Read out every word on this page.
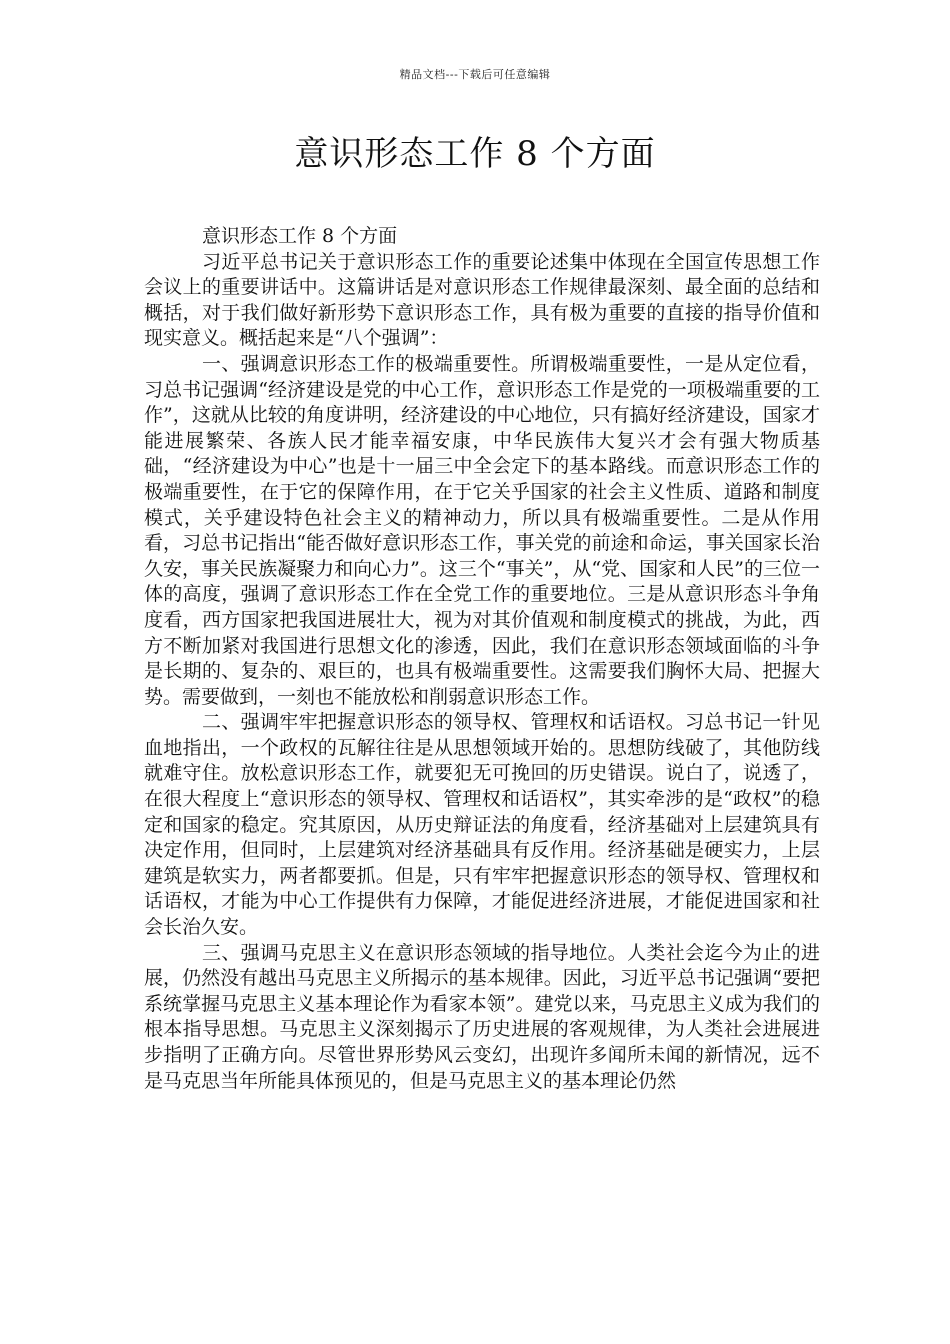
精品文档---下载后可任意编辑
意识形态工作 8 个方面

意识形态工作 8 个方面

习近平总书记关于意识形态工作的重要论述集中体现在全国宣传思想工作会议上的重要讲话中。这篇讲话是对意识形态工作规律最深刻、最全面的总结和概括，对于我们做好新形势下意识形态工作，具有极为重要的直接的指导价值和现实意义。概括起来是“八个强调”：

一、强调意识形态工作的极端重要性。所谓极端重要性，一是从定位看，习总书记强调“经济建设是党的中心工作，意识形态工作是党的一项极端重要的工作”，这就从比较的角度讲明，经济建设的中心地位，只有搞好经济建设，国家才能进展繁荣、各族人民才能幸福安康，中华民族伟大复兴才会有强大物质基础，“经济建设为中心”也是十一届三中全会定下的基本路线。而意识形态工作的极端重要性，在于它的保障作用，在于它关乎国家的社会主义性质、道路和制度模式，关乎建设特色社会主义的精神动力，所以具有极端重要性。二是从作用看，习总书记指出“能否做好意识形态工作，事关党的前途和命运，事关国家长治久安，事关民族凝聚力和向心力”。这三个“事关”，从“党、国家和人民”的三位一体的高度，强调了意识形态工作在全党工作的重要地位。三是从意识形态斗争角度看，西方国家把我国进展壮大，视为对其价值观和制度模式的挑战，为此，西方不断加紧对我国进行思想文化的渗透，因此，我们在意识形态领域面临的斗争是长期的、复杂的、艰巨的，也具有极端重要性。这需要我们胸怀大局、把握大势。需要做到，一刻也不能放松和削弱意识形态工作。

二、强调牢牢把握意识形态的领导权、管理权和话语权。习总书记一针见血地指出，一个政权的瓦解往往是从思想领域开始的。思想防线破了，其他防线就难守住。放松意识形态工作，就要犯无可挽回的历史错误。说白了，说透了，在很大程度上“意识形态的领导权、管理权和话语权”，其实牵涉的是“政权”的稳定和国家的稳定。究其原因，从历史辩证法的角度看，经济基础对上层建筑具有决定作用，但同时，上层建筑对经济基础具有反作用。经济基础是硬实力，上层建筑是软实力，两者都要抓。但是，只有牢牢把握意识形态的领导权、管理权和话语权，才能为中心工作提供有力保障，才能促进经济进展，才能促进国家和社会长治久安。

三、强调马克思主义在意识形态领域的指导地位。人类社会迄今为止的进展，仍然没有越出马克思主义所揭示的基本规律。因此，习近平总书记强调“要把系统掌握马克思主义基本理论作为看家本领”。建党以来，马克思主义成为我们的根本指导思想。马克思主义深刻揭示了历史进展的客观规律，为人类社会进展进步指明了正确方向。尽管世界形势风云变幻，出现许多闻所未闻的新情况，远不是马克思当年所能具体预见的，但是马克思主义的基本理论仍然
